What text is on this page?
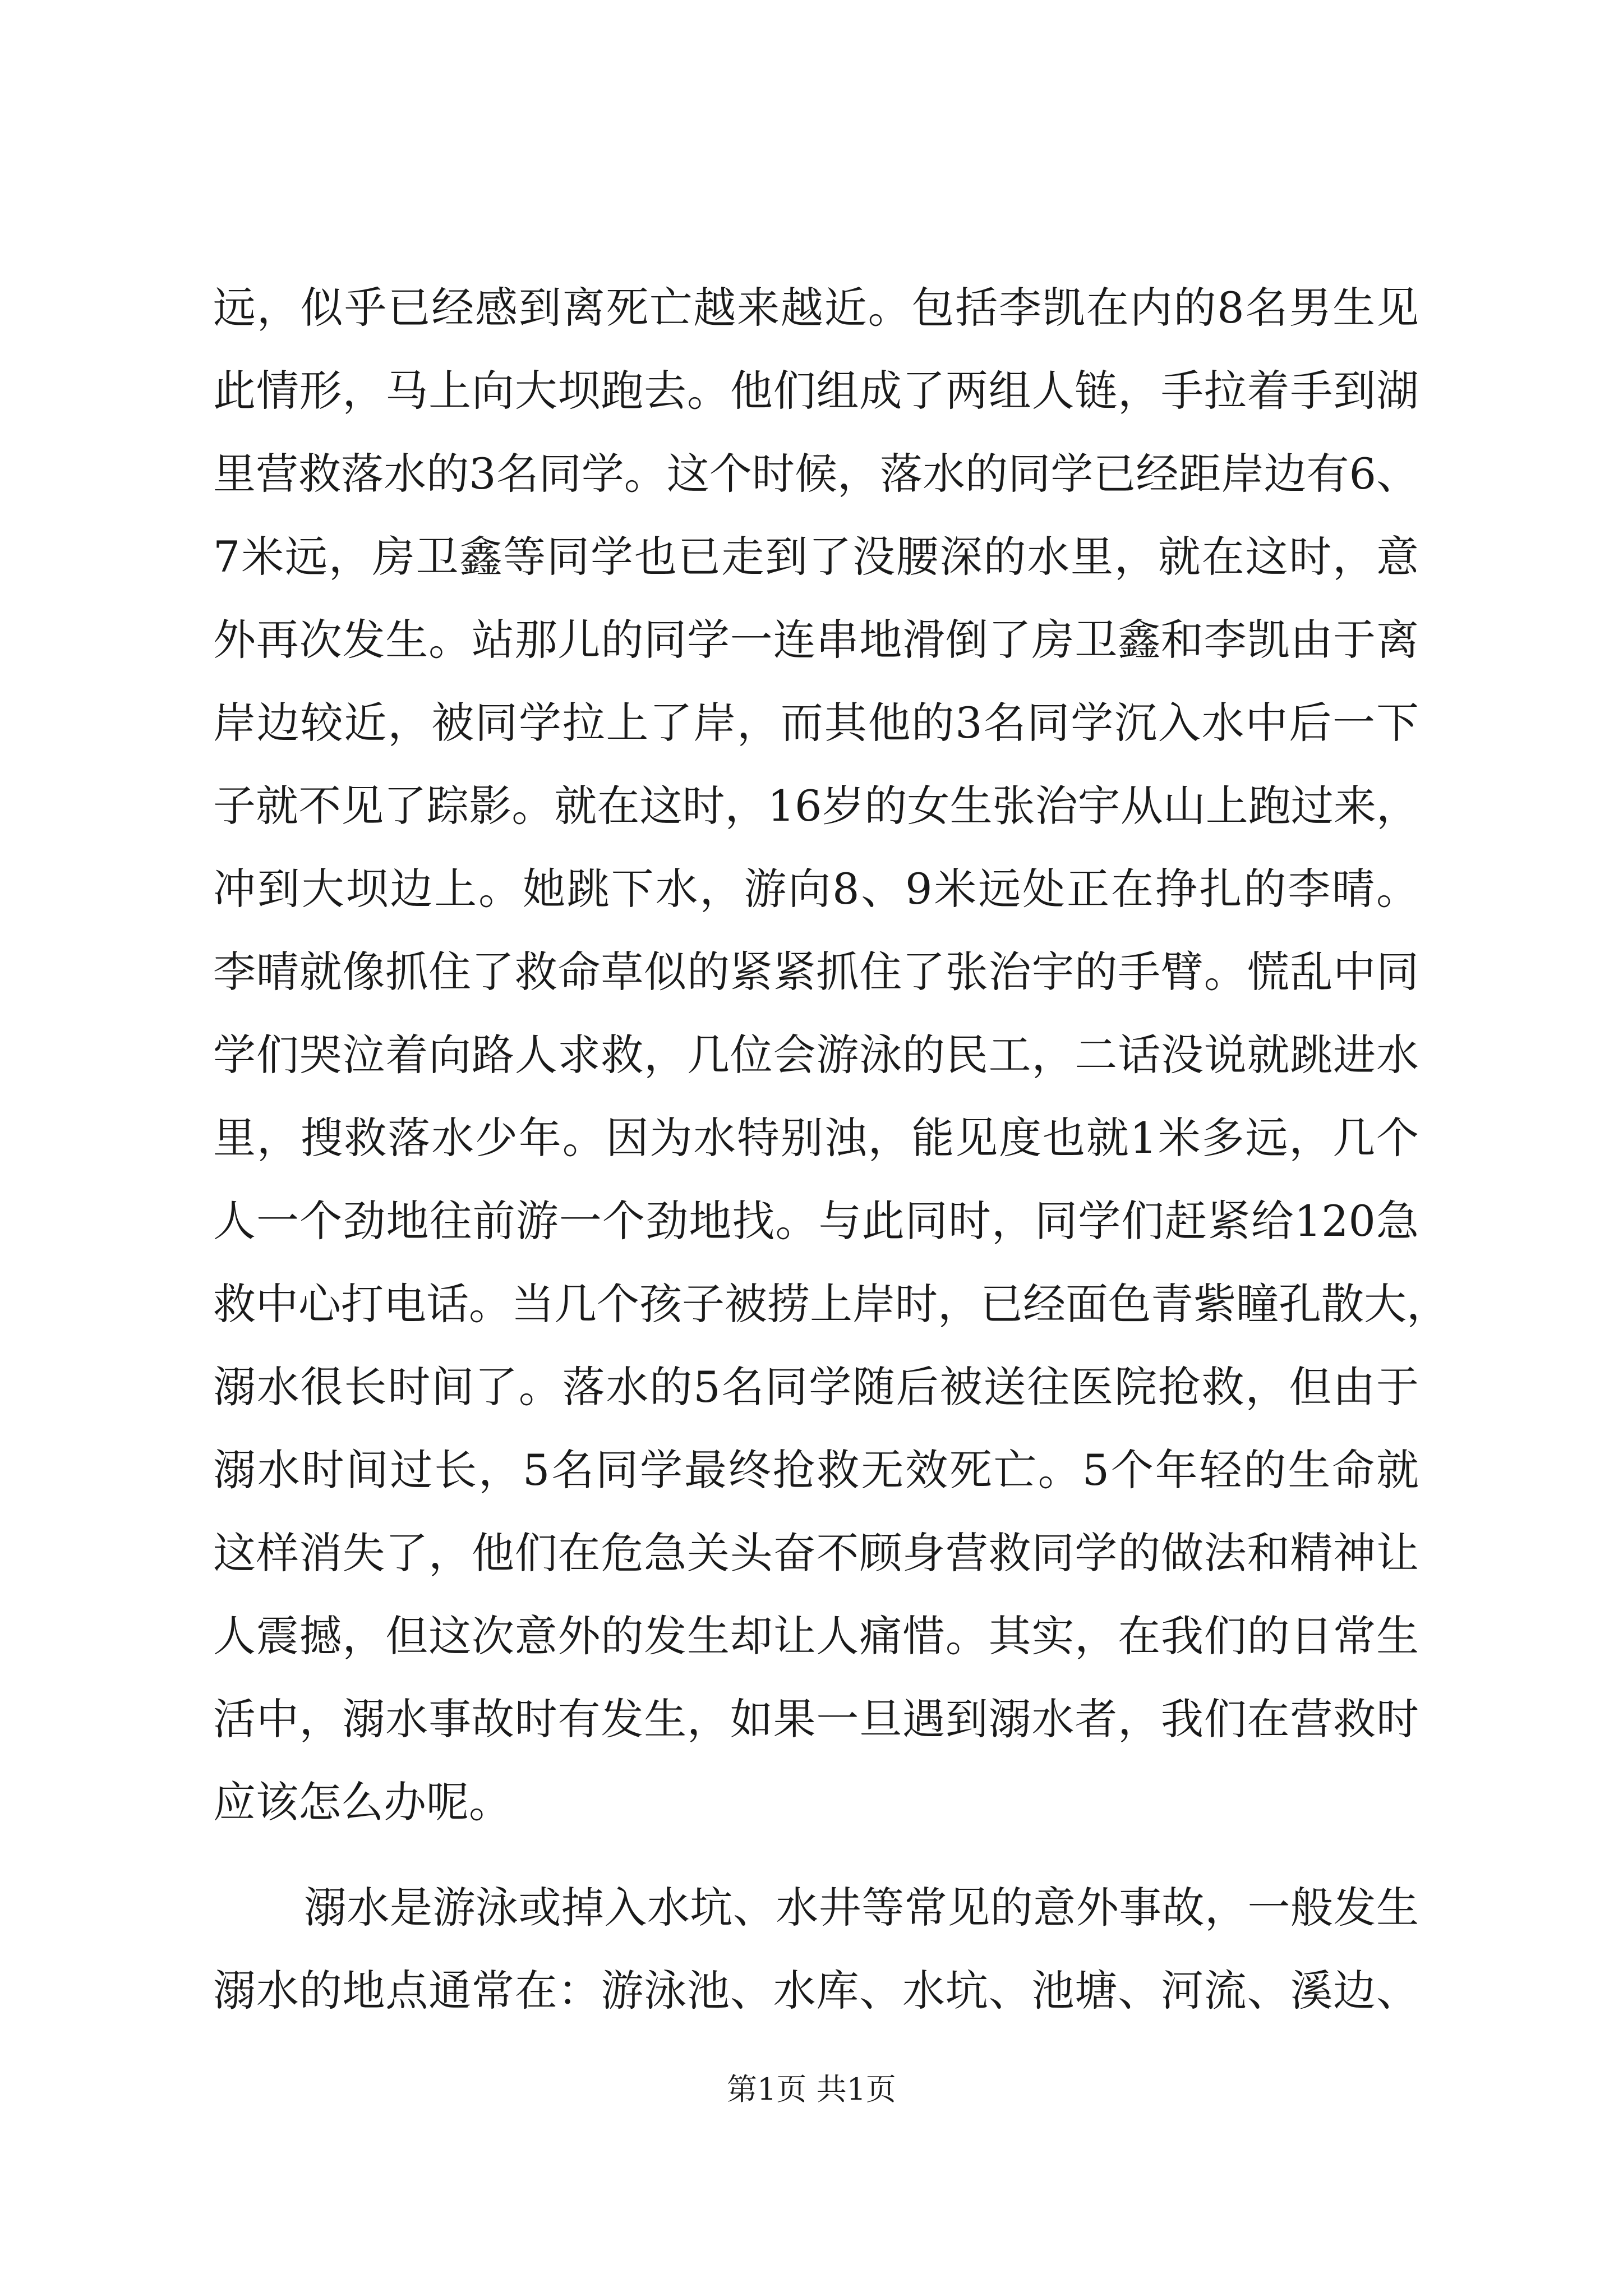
远，似乎已经感到离死亡越来越近。包括李凯在内的8名男生见
此情形，马上向大坝跑去。他们组成了两组人链，手拉着手到湖
里营救落水的3名同学。这个时候，落水的同学已经距岸边有6、
7米远，房卫鑫等同学也已走到了没腰深的水里，就在这时，意
外再次发生。站那儿的同学一连串地滑倒了房卫鑫和李凯由于离
岸边较近，被同学拉上了岸，而其他的3名同学沉入水中后一下
子就不见了踪影。就在这时，16岁的女生张治宇从山上跑过来，
冲到大坝边上。她跳下水，游向8、9米远处正在挣扎的李晴。
李晴就像抓住了救命草似的紧紧抓住了张治宇的手臂。慌乱中同
学们哭泣着向路人求救，几位会游泳的民工，二话没说就跳进水
里，搜救落水少年。因为水特别浊，能见度也就1米多远，几个
人一个劲地往前游一个劲地找。与此同时，同学们赶紧给120急
救中心打电话。当几个孩子被捞上岸时，已经面色青紫瞳孔散大，
溺水很长时间了。落水的5名同学随后被送往医院抢救，但由于
溺水时间过长，5名同学最终抢救无效死亡。5个年轻的生命就
这样消失了，他们在危急关头奋不顾身营救同学的做法和精神让
人震撼，但这次意外的发生却让人痛惜。其实，在我们的日常生
活中，溺水事故时有发生，如果一旦遇到溺水者，我们在营救时
应该怎么办呢。
溺水是游泳或掉入水坑、水井等常见的意外事故，一般发生
溺水的地点通常在：游泳池、水库、水坑、池塘、河流、溪边、
第1页 共1页
